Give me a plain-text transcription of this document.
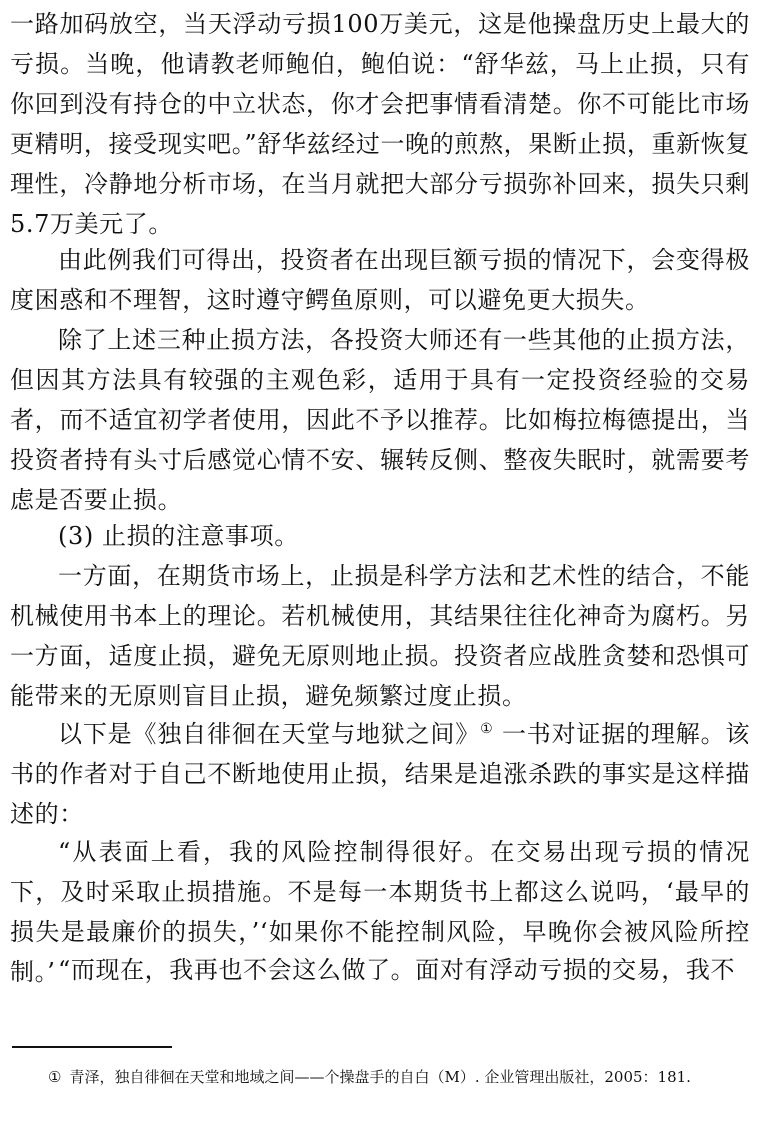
一路加码放空，当天浮动亏损100万美元，这是他操盘历史上最大的亏损。当晚，他请教老师鲍伯，鲍伯说：“舒华兹，马上止损，只有你回到没有持仓的中立状态，你才会把事情看清楚。你不可能比市场更精明，接受现实吧。”舒华兹经过一晚的煎熬，果断止损，重新恢复理性，冷静地分析市场，在当月就把大部分亏损弥补回来，损失只剩5.7万美元了。

由此例我们可得出，投资者在出现巨额亏损的情况下，会变得极度困惑和不理智，这时遵守鳄鱼原则，可以避免更大损失。

除了上述三种止损方法，各投资大师还有一些其他的止损方法，但因其方法具有较强的主观色彩，适用于具有一定投资经验的交易者，而不适宜初学者使用，因此不予以推荐。比如梅拉梅德提出，当投资者持有头寸后感觉心情不安、辗转反侧、整夜失眠时，就需要考虑是否要止损。

(3) 止损的注意事项。

一方面，在期货市场上，止损是科学方法和艺术性的结合，不能机械使用书本上的理论。若机械使用，其结果往往化神奇为腐朽。另一方面，适度止损，避免无原则地止损。投资者应战胜贪婪和恐惧可能带来的无原则盲目止损，避免频繁过度止损。

以下是《独自徘徊在天堂与地狱之间》① 一书对证据的理解。该书的作者对于自己不断地使用止损，结果是追涨杀跌的事实是这样描述的：

“从表面上看，我的风险控制得很好。在交易出现亏损的情况下，及时采取止损措施。不是每一本期货书上都这么说吗，‘最早的损失是最廉价的损失，’‘如果你不能控制风险，早晚你会被风险所控制。’ “而现在，我再也不会这么做了。面对有浮动亏损的交易，我不

① 青泽，独自徘徊在天堂和地域之间——个操盘手的自白（M）. 企业管理出版社，2005：181.
